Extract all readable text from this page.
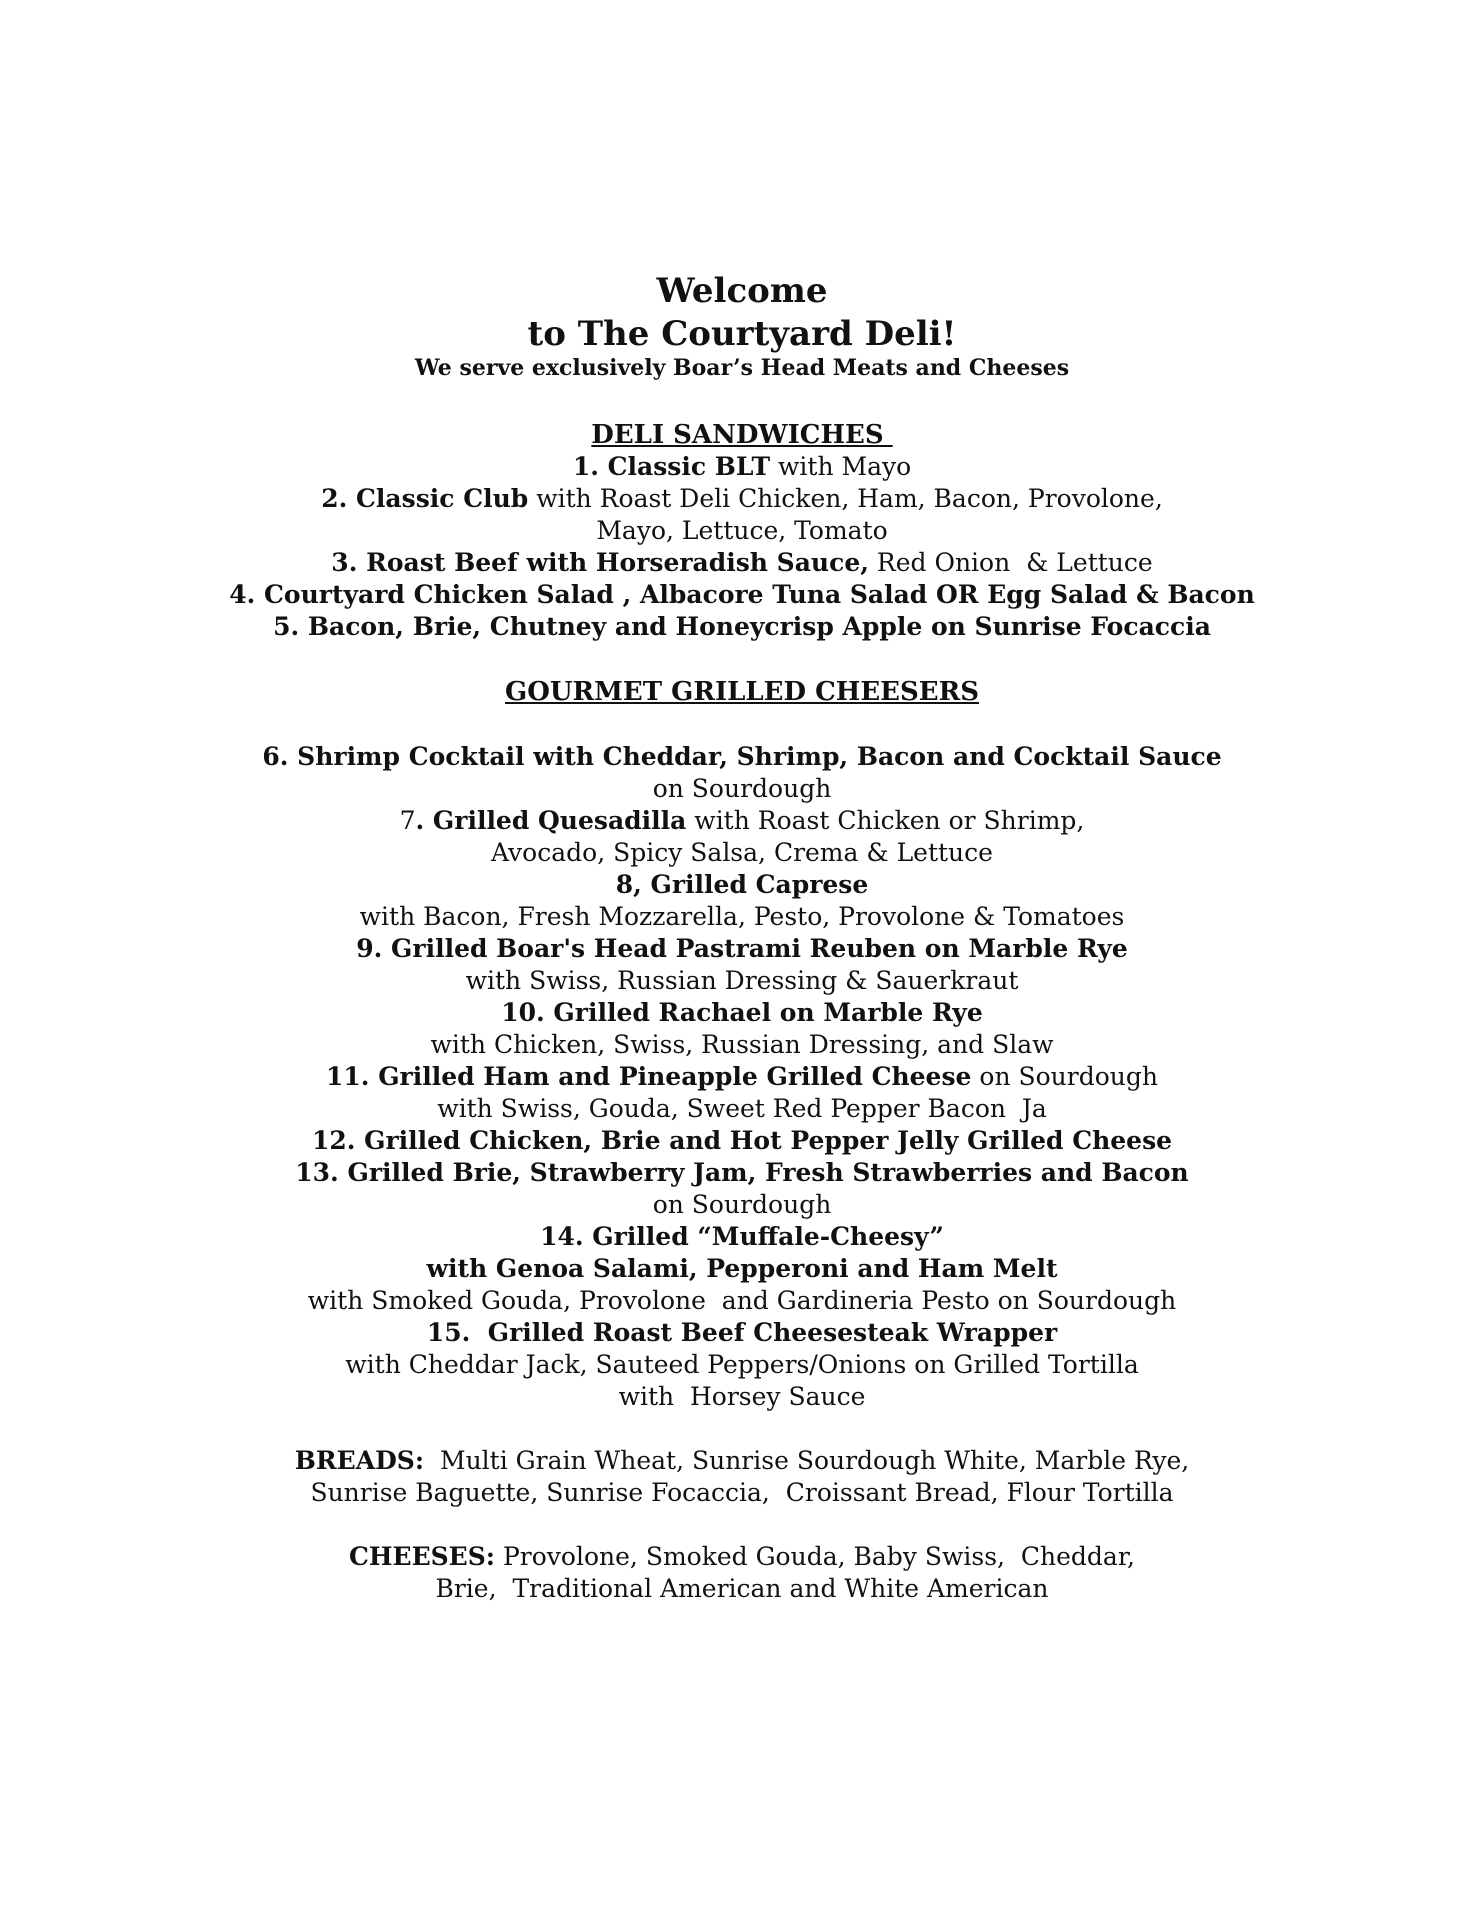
Welcome

to The Courtyard Deli!

We serve exclusively Boar’s Head Meats and Cheeses

DELI SANDWICHES

1. Classic BLT with Mayo

2. Classic Club with Roast Deli Chicken, Ham, Bacon, Provolone,

Mayo, Lettuce, Tomato

3. Roast Beef with Horseradish Sauce, Red Onion  & Lettuce

4. Courtyard Chicken Salad , Albacore Tuna Salad OR Egg Salad & Bacon

5. Bacon, Brie, Chutney and Honeycrisp Apple on Sunrise Focaccia

GOURMET GRILLED CHEESERS

6. Shrimp Cocktail with Cheddar, Shrimp, Bacon and Cocktail Sauce

on Sourdough

7. Grilled Quesadilla with Roast Chicken or Shrimp,

Avocado, Spicy Salsa, Crema & Lettuce

8, Grilled Caprese

with Bacon, Fresh Mozzarella, Pesto, Provolone & Tomatoes

9. Grilled Boar's Head Pastrami Reuben on Marble Rye

with Swiss, Russian Dressing & Sauerkraut

10. Grilled Rachael on Marble Rye

with Chicken, Swiss, Russian Dressing, and Slaw

11. Grilled Ham and Pineapple Grilled Cheese on Sourdough

with Swiss, Gouda, Sweet Red Pepper Bacon  Ja

12. Grilled Chicken, Brie and Hot Pepper Jelly Grilled Cheese

13. Grilled Brie, Strawberry Jam, Fresh Strawberries and Bacon

on Sourdough

14. Grilled “Muffale-Cheesy”

with Genoa Salami, Pepperoni and Ham Melt

with Smoked Gouda, Provolone  and Gardineria Pesto on Sourdough

15.  Grilled Roast Beef Cheesesteak Wrapper

with Cheddar Jack, Sauteed Peppers/Onions on Grilled Tortilla

with  Horsey Sauce

BREADS:  Multi Grain Wheat, Sunrise Sourdough White, Marble Rye,

Sunrise Baguette, Sunrise Focaccia,  Croissant Bread, Flour Tortilla

CHEESES: Provolone, Smoked Gouda, Baby Swiss,  Cheddar,

Brie,  Traditional American and White American
